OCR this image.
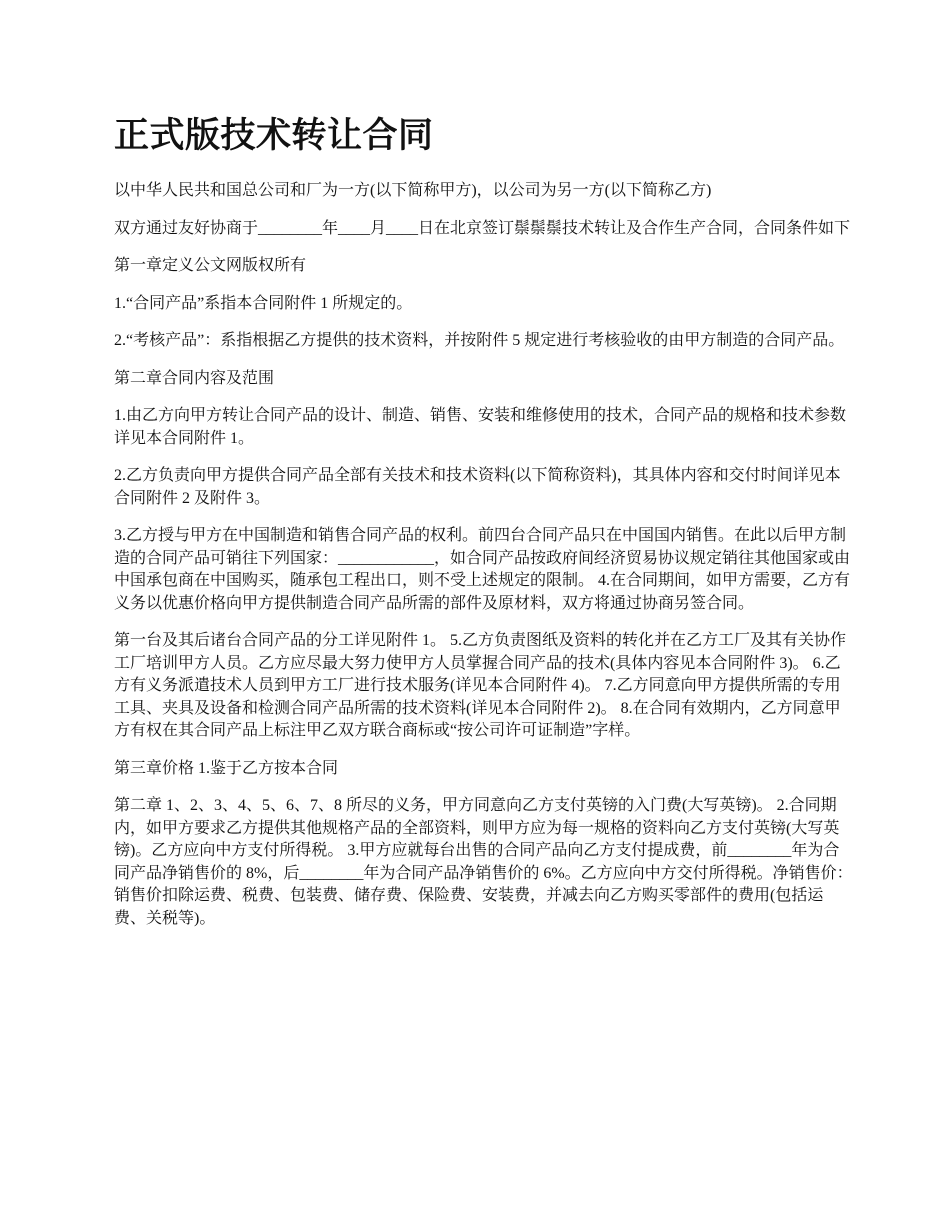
正式版技术转让合同

以中华人民共和国总公司和厂为一方(以下简称甲方)，以公司为另一方(以下简称乙方)

双方通过友好协商于________年____月____日在北京签订鬃鬃鬃技术转让及合作生产合同，合同条件如下

第一章定义公文网版权所有

1.“合同产品”系指本合同附件 1 所规定的。

2.“考核产品”：系指根据乙方提供的技术资料，并按附件 5 规定进行考核验收的由甲方制造的合同产品。

第二章合同内容及范围

1.由乙方向甲方转让合同产品的设计、制造、销售、安装和维修使用的技术，合同产品的规格和技术参数详见本合同附件 1。

2.乙方负责向甲方提供合同产品全部有关技术和技术资料(以下简称资料)，其具体内容和交付时间详见本合同附件 2 及附件 3。

3.乙方授与甲方在中国制造和销售合同产品的权利。前四台合同产品只在中国国内销售。在此以后甲方制造的合同产品可销往下列国家：____________，如合同产品按政府间经济贸易协议规定销往其他国家或由中国承包商在中国购买，随承包工程出口，则不受上述规定的限制。 4.在合同期间，如甲方需要，乙方有义务以优惠价格向甲方提供制造合同产品所需的部件及原材料，双方将通过协商另签合同。

第一台及其后诸台合同产品的分工详见附件 1。 5.乙方负责图纸及资料的转化并在乙方工厂及其有关协作工厂培训甲方人员。乙方应尽最大努力使甲方人员掌握合同产品的技术(具体内容见本合同附件 3)。 6.乙方有义务派遣技术人员到甲方工厂进行技术服务(详见本合同附件 4)。 7.乙方同意向甲方提供所需的专用工具、夹具及设备和检测合同产品所需的技术资料(详见本合同附件 2)。 8.在合同有效期内，乙方同意甲方有权在其合同产品上标注甲乙双方联合商标或“按公司许可证制造”字样。

第三章价格 1.鉴于乙方按本合同

第二章 1、2、3、4、5、6、7、8 所尽的义务，甲方同意向乙方支付英镑的入门费(大写英镑)。 2.合同期内，如甲方要求乙方提供其他规格产品的全部资料，则甲方应为每一规格的资料向乙方支付英镑(大写英镑)。乙方应向中方支付所得税。 3.甲方应就每台出售的合同产品向乙方支付提成费，前________年为合同产品净销售价的 8%，后________年为合同产品净销售价的 6%。乙方应向中方交付所得税。净销售价：销售价扣除运费、税费、包装费、储存费、保险费、安装费，并减去向乙方购买零部件的费用(包括运费、关税等)。
